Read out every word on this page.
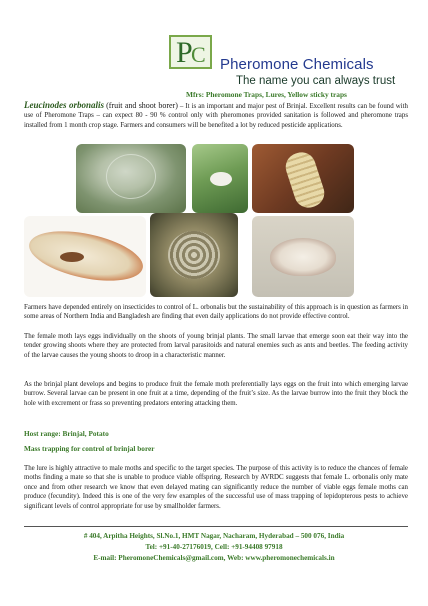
P
C Pheromone Chemicals
The name you can always trust
Mfrs: Pheromone Traps, Lures, Yellow sticky traps
Leucinodes orbonalis (fruit and shoot borer) – It is an important and major pest of Brinjal. Excellent results can be found with use of Pheromone Traps – can expect 80 - 90 % control only with pheromones provided sanitation is followed and pheromone traps installed from 1 month crop stage. Farmers and consumers will be benefited a lot by reduced pesticide applications.
Farmers have depended entirely on insecticides to control of L. orbonalis but the sustainability of this approach is in question as farmers in some areas of Northern India and Bangladesh are finding that even daily applications do not provide effective control.
The female moth lays eggs individually on the shoots of young brinjal plants. The small larvae that emerge soon eat their way into the tender growing shoots where they are protected from larval parasitoids and natural enemies such as ants and beetles. The feeding activity of the larvae causes the young shoots to droop in a characteristic manner.
As the brinjal plant develops and begins to produce fruit the female moth preferentially lays eggs on the fruit into which emerging larvae burrow. Several larvae can be present in one fruit at a time, depending of the fruit’s size. As the larvae burrow into the fruit they block the hole with excrement or frass so preventing predators entering attacking them.
Host range: Brinjal, Potato
Mass trapping for control of brinjal borer
The lure is highly attractive to male moths and specific to the target species. The purpose of this activity is to reduce the chances of female moths finding a mate so that she is unable to produce viable offspring. Research by AVRDC suggests that female L. orbonalis only mate once and from other research we know that even delayed mating can significantly reduce the number of viable eggs female moths can produce (fecundity). Indeed this is one of the very few examples of the successful use of mass trapping of lepidopterous pests to achieve significant levels of control appropriate for use by smallholder farmers.
# 404, Arpitha Heights, Sl.No.1, HMT Nagar, Nacharam, Hyderabad – 500 076, India
Tel: +91-40-27176019, Cell: +91-94408 97918
E-mail: PheromoneChemicals@gmail.com, Web: www.pheromonechemicals.in
